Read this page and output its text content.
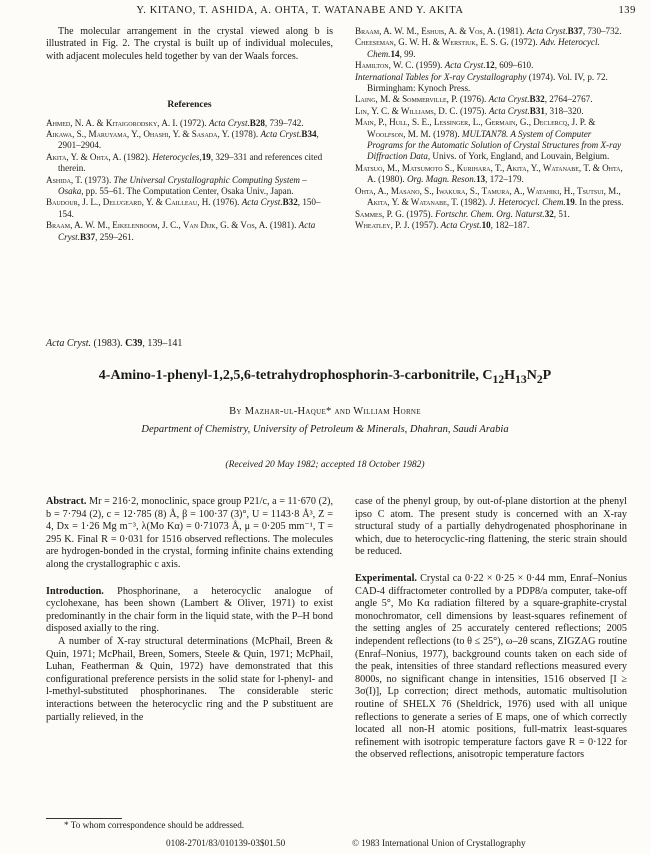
Y. KITANO, T. ASHIDA, A. OHTA, T. WATANABE AND Y. AKITA	139

The molecular arrangement in the crystal viewed along b is illustrated in Fig. 2. The crystal is built up of individual molecules, with adjacent molecules held together by van der Waals forces.

References
Ahmed, N. A. & Kitaigorodsky, A. I. (1972). Acta Cryst.B28, 739–742.
Aikawa, S., Maruyama, Y., Ohashi, Y. & Sasada, Y. (1978). Acta Cryst.B34, 2901–2904.
Akita, Y. & Ohta, A. (1982). Heterocycles,19, 329–331 and references cited therein.
Ashida, T. (1973). The Universal Crystallographic Computing System – Osaka, pp. 55–61. The Computation Center, Osaka Univ., Japan.
Baudour, J. L., Delugeard, Y. & Cailleau, H. (1976). Acta Cryst.B32, 150–154.
Braam, A. W. M., Eikelenboom, J. C., Van Dijk, G. & Vos, A. (1981). Acta Cryst.B37, 259–261.
Braam, A. W. M., Eshuis, A. & Vos, A. (1981). Acta Cryst.B37, 730–732.
Cheeseman, G. W. H. & Werstiuk, E. S. G. (1972). Adv. Heterocycl. Chem.14, 99.
Hamilton, W. C. (1959). Acta Cryst.12, 609–610.
International Tables for X-ray Crystallography (1974). Vol. IV, p. 72. Birmingham: Kynoch Press.
Laing, M. & Sommerville, P. (1976). Acta Cryst.B32, 2764–2767.
Lin, Y. C. & Williams, D. C. (1975). Acta Cryst.B31, 318–320.
Main, P., Hull, S. E., Lessinger, L., Germain, G., Declercq, J. P. & Woolfson, M. M. (1978). MULTAN78. A System of Computer Programs for the Automatic Solution of Crystal Structures from X-ray Diffraction Data, Univs. of York, England, and Louvain, Belgium.
Matsuo, M., Matsumoto S., Kurihara, T., Akita, Y., Watanabe, T. & Ohta, A. (1980). Org. Magn. Reson.13, 172–179.
Ohta, A., Masano, S., Iwakura, S., Tamura, A., Watahiki, H., Tsutsui, M., Akita, Y. & Watanabe, T. (1982). J. Heterocycl. Chem.19. In the press.
Sammes, P. G. (1975). Fortschr. Chem. Org. Naturst.32, 51.
Wheatley, P. J. (1957). Acta Cryst.10, 182–187.
Acta Cryst. (1983). C39, 139–141
4-Amino-1-phenyl-1,2,5,6-tetrahydrophosphorin-3-carbonitrile, $C_{12}H_{13}N_2P$
By Mazhar-ul-Haque* and William Horne
Department of Chemistry, University of Petroleum & Minerals, Dhahran, Saudi Arabia
(Received 20 May 1982; accepted 18 October 1982)

Abstract. Mr = 216·2, monoclinic, space group P21/c, a = 11·670 (2), b = 7·794 (2), c = 12·785 (8) Å, β = 100·37 (3)°, U = 1143·8 Å³, Z = 4, Dx = 1·26 Mg m⁻³, λ(Mo Kα) = 0·71073 Å, μ = 0·205 mm⁻¹, T = 295 K. Final R = 0·031 for 1516 observed reflections. The molecules are hydrogen-bonded in the crystal, forming infinite chains extending along the crystallographic c axis.

Introduction. Phosphorinane, a heterocyclic analogue of cyclohexane, has been shown (Lambert & Oliver, 1971) to exist predominantly in the chair form in the liquid state, with the P–H bond disposed axially to the ring.

A number of X-ray structural determinations (McPhail, Breen & Quin, 1971; McPhail, Breen, Somers, Steele & Quin, 1971; McPhail, Luhan, Featherman & Quin, 1972) have demonstrated that this configurational preference persists in the solid state for l-phenyl- and l-methyl-substituted phosphorinanes. The considerable steric interactions between the heterocyclic ring and the P substituent are partially relieved, in the

case of the phenyl group, by out-of-plane distortion at the phenyl ipso C atom. The present study is concerned with an X-ray structural study of a partially dehydrogenated phosphorinane in which, due to heterocyclic-ring flattening, the steric strain should be reduced.

Experimental. Crystal ca 0·22 × 0·25 × 0·44 mm, Enraf–Nonius CAD-4 diffractometer controlled by a PDP8/a computer, take-off angle 5°, Mo Kα radiation filtered by a square-graphite-crystal monochromator, cell dimensions by least-squares refinement of the setting angles of 25 accurately centered reflections; 2005 independent reflections (to θ ≤ 25°), ω–2θ scans, ZIGZAG routine (Enraf–Nonius, 1977), background counts taken on each side of the peak, intensities of three standard reflections measured every 8000s, no significant change in intensities, 1516 observed [I ≥ 3σ(I)], Lp correction; direct methods, automatic multisolution routine of SHELX 76 (Sheldrick, 1976) used with all unique reflections to generate a series of E maps, one of which correctly located all non-H atomic positions, full-matrix least-squares refinement with isotropic temperature factors gave R = 0·122 for the observed reflections, anisotropic temperature factors

* To whom correspondence should be addressed.
0108-2701/83/010139-03$01.50	© 1983 International Union of Crystallography
